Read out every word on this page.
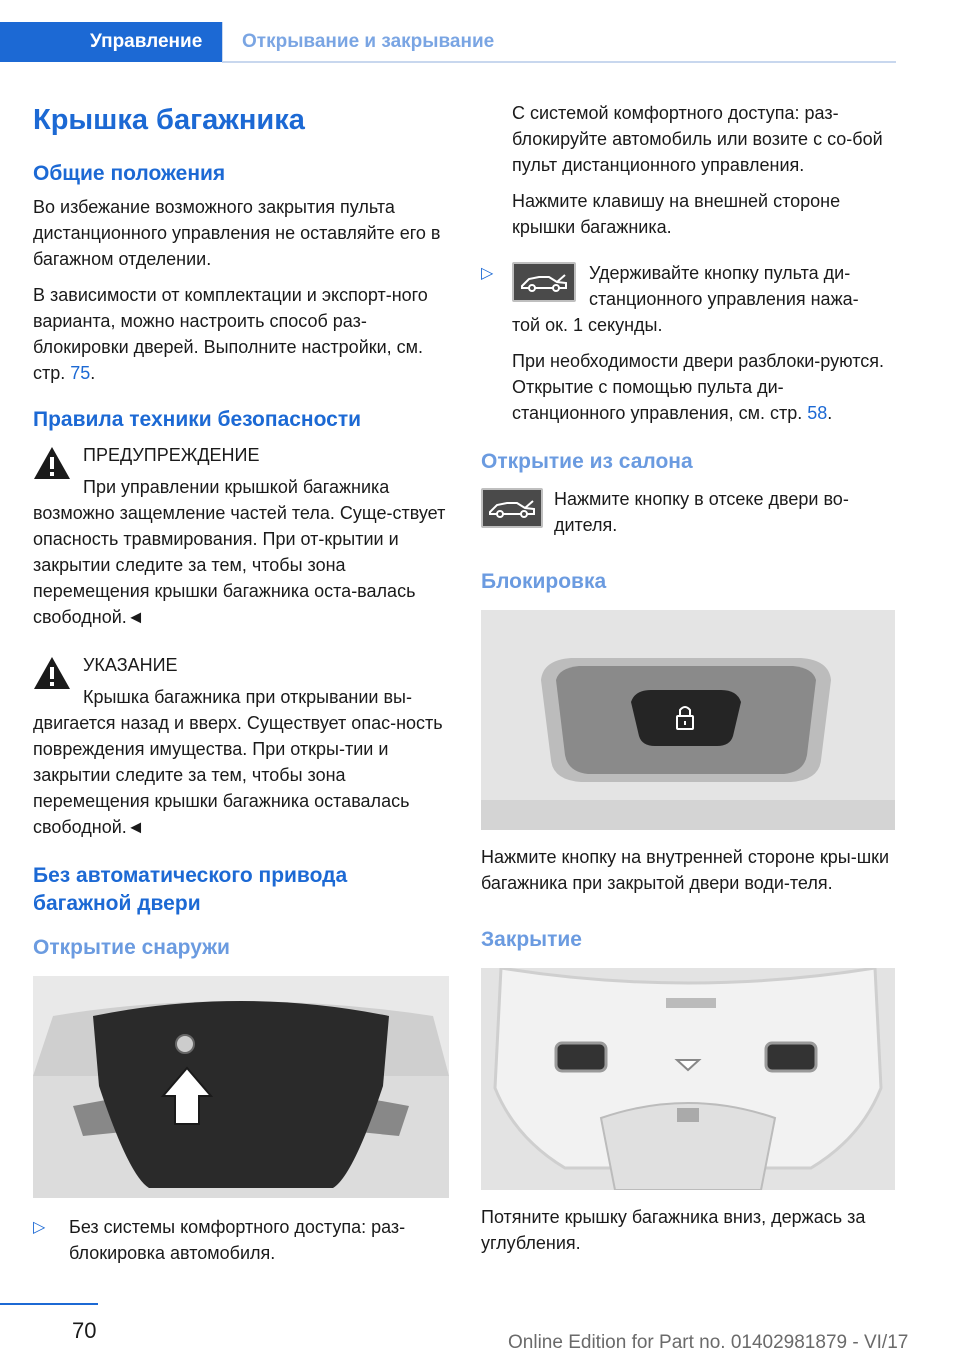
Управление Открывание и закрывание
Крышка багажника
Общие положения

Во избежание возможного закрытия пульта дистанционного управления не оставляйте его в багажном отделении.

В зависимости от комплектации и экспорт-ного варианта, можно настроить способ раз-блокировки дверей. Выполните настройки, см. стр. 75.

Правила техники безопасности

ПРЕДУПРЕЖДЕНИЕ

При управлении крышкой багажника

возможно защемление частей тела. Суще-ствует опасность травмирования. При от-крытии и закрытии следите за тем, чтобы зона перемещения крышки багажника оста-валась свободной.◄

УКАЗАНИЕ

Крышка багажника при открывании вы-

двигается назад и вверх. Существует опас-ность повреждения имущества. При откры-тии и закрытии следите за тем, чтобы зона перемещения крышки багажника оставалась свободной.◄

Без автоматического привода багажной двери
Открытие снаружи
▷ Без системы комфортного доступа: раз-блокировка автомобиля.

С системой комфортного доступа: раз-блокируйте автомобиль или возите с со-бой пульт дистанционного управления.

Нажмите клавишу на внешней стороне крышки багажника.

▷	Удерживайте кнопку пульта ди-станционного управления нажа-

той ок. 1 секунды.

При необходимости двери разблоки-руются. Открытие с помощью пульта ди-станционного управления, см. стр. 58.

Открытие из салона

Нажмите кнопку в отсеке двери во-дителя.

Блокировка

Нажмите кнопку на внутренней стороне кры-шки багажника при закрытой двери води-теля.

Закрытие

Потяните крышку багажника вниз, держась за углубления.

70	Online Edition for Part no. 01402981879 - VI/17
